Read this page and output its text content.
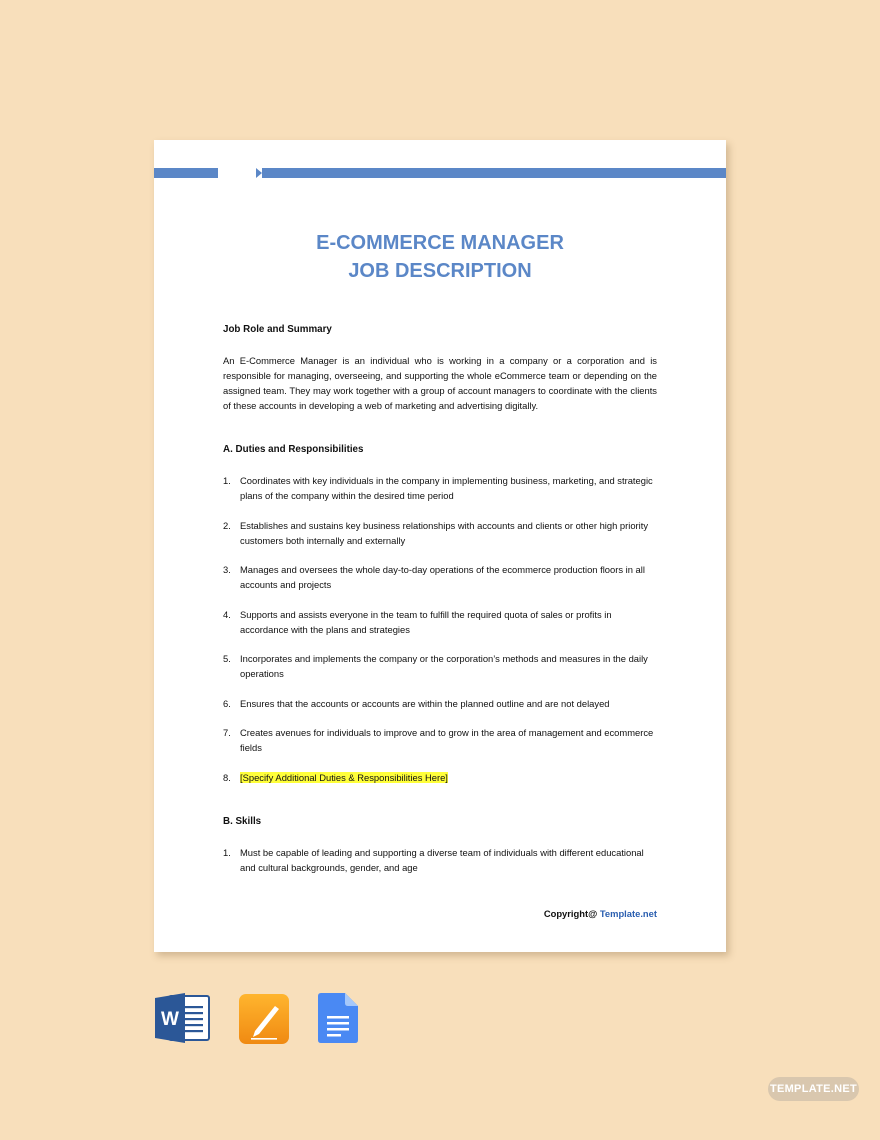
E-COMMERCE MANAGER
JOB DESCRIPTION
Job Role and Summary
An E-Commerce Manager is an individual who is working in a company or a corporation and is responsible for managing, overseeing, and supporting the whole eCommerce team or depending on the assigned team. They may work together with a group of account managers to coordinate with the clients of these accounts in developing a web of marketing and advertising digitally.
A. Duties and Responsibilities
1. Coordinates with key individuals in the company in implementing business, marketing, and strategic plans of the company within the desired time period
2. Establishes and sustains key business relationships with accounts and clients or other high priority customers both internally and externally
3. Manages and oversees the whole day-to-day operations of the ecommerce production floors in all accounts and projects
4. Supports and assists everyone in the team to fulfill the required quota of sales or profits in accordance with the plans and strategies
5. Incorporates and implements the company or the corporation’s methods and measures in the daily operations
6. Ensures that the accounts or accounts are within the planned outline and are not delayed
7. Creates avenues for individuals to improve and to grow in the area of management and ecommerce fields
8. [Specify Additional Duties & Responsibilities Here]
B. Skills
1. Must be capable of leading and supporting a diverse team of individuals with different educational and cultural backgrounds, gender, and age
Copyright@ Template.net
W
TEMPLATE.NET
